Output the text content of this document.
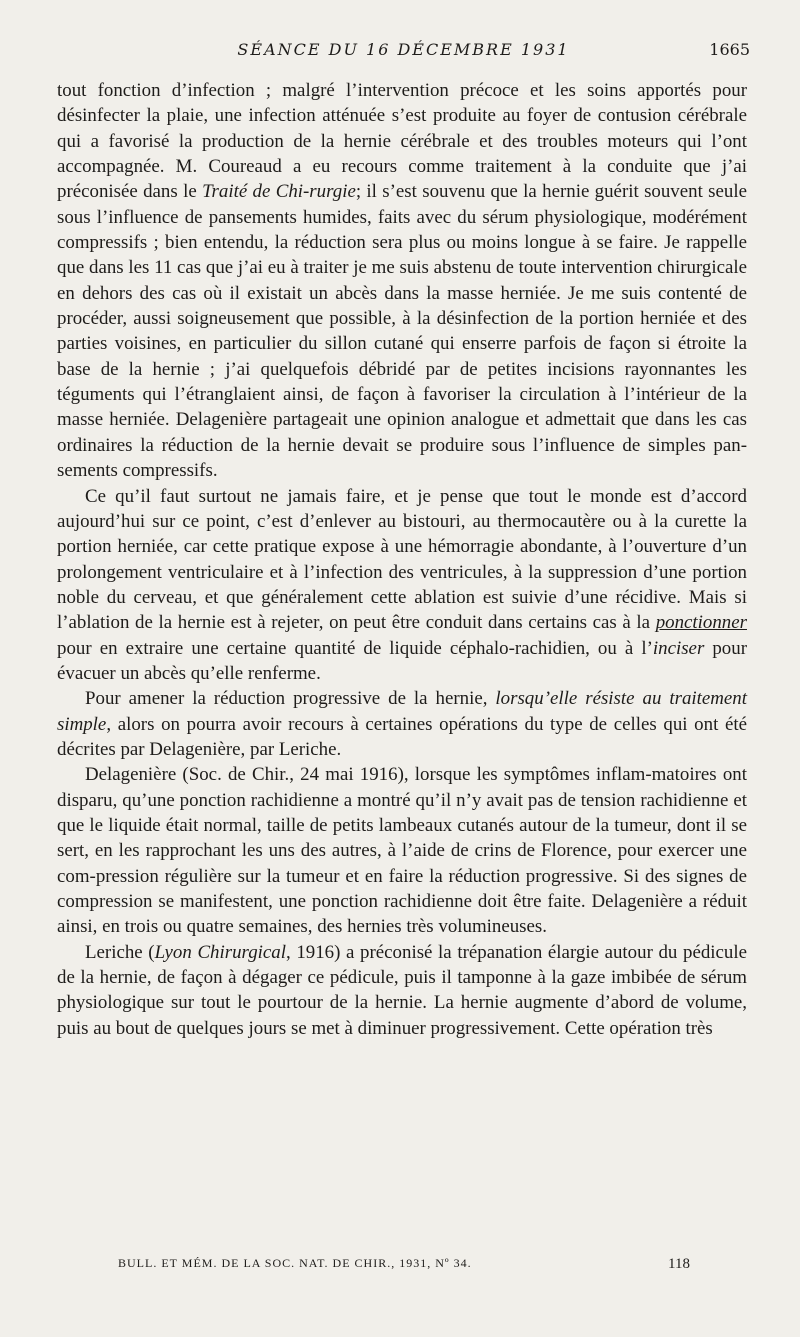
SÉANCE DU 16 DÉCEMBRE 1931	1665

tout fonction d’infection ; malgré l’intervention précoce et les soins apportés pour désinfecter la plaie, une infection atténuée s’est produite au foyer de contusion cérébrale qui a favorisé la production de la hernie cérébrale et des troubles moteurs qui l’ont accompagnée. M. Coureaud a eu recours comme traitement à la conduite que j’ai préconisée dans le Traité de Chi-rurgie; il s’est souvenu que la hernie guérit souvent seule sous l’influence de pansements humides, faits avec du sérum physiologique, modérément compressifs ; bien entendu, la réduction sera plus ou moins longue à se faire. Je rappelle que dans les 11 cas que j’ai eu à traiter je me suis abstenu de toute intervention chirurgicale en dehors des cas où il existait un abcès dans la masse herniée. Je me suis contenté de procéder, aussi soigneusement que possible, à la désinfection de la portion herniée et des parties voisines, en particulier du sillon cutané qui enserre parfois de façon si étroite la base de la hernie ; j’ai quelquefois débridé par de petites incisions rayonnantes les téguments qui l’étranglaient ainsi, de façon à favoriser la circulation à l’intérieur de la masse herniée. Delagenière partageait une opinion analogue et admettait que dans les cas ordinaires la réduction de la hernie devait se produire sous l’influence de simples pan-sements compressifs.

Ce qu’il faut surtout ne jamais faire, et je pense que tout le monde est d’accord aujourd’hui sur ce point, c’est d’enlever au bistouri, au thermocautère ou à la curette la portion herniée, car cette pratique expose à une hémorragie abondante, à l’ouverture d’un prolongement ventriculaire et à l’infection des ventricules, à la suppression d’une portion noble du cerveau, et que généralement cette ablation est suivie d’une récidive. Mais si l’ablation de la hernie est à rejeter, on peut être conduit dans certains cas à la ponctionner pour en extraire une certaine quantité de liquide céphalo-rachidien, ou à l’inciser pour évacuer un abcès qu’elle renferme.

Pour amener la réduction progressive de la hernie, lorsqu’elle résiste au traitement simple, alors on pourra avoir recours à certaines opérations du type de celles qui ont été décrites par Delagenière, par Leriche.

Delagenière (Soc. de Chir., 24 mai 1916), lorsque les symptômes inflam-matoires ont disparu, qu’une ponction rachidienne a montré qu’il n’y avait pas de tension rachidienne et que le liquide était normal, taille de petits lambeaux cutanés autour de la tumeur, dont il se sert, en les rapprochant les uns des autres, à l’aide de crins de Florence, pour exercer une com-pression régulière sur la tumeur et en faire la réduction progressive. Si des signes de compression se manifestent, une ponction rachidienne doit être faite. Delagenière a réduit ainsi, en trois ou quatre semaines, des hernies très volumineuses.

Leriche (Lyon Chirurgical, 1916) a préconisé la trépanation élargie autour du pédicule de la hernie, de façon à dégager ce pédicule, puis il tamponne à la gaze imbibée de sérum physiologique sur tout le pourtour de la hernie. La hernie augmente d’abord de volume, puis au bout de quelques jours se met à diminuer progressivement. Cette opération très

BULL. ET MÉM. DE LA SOC. NAT. DE CHIR., 1931, Nº 34.	118
